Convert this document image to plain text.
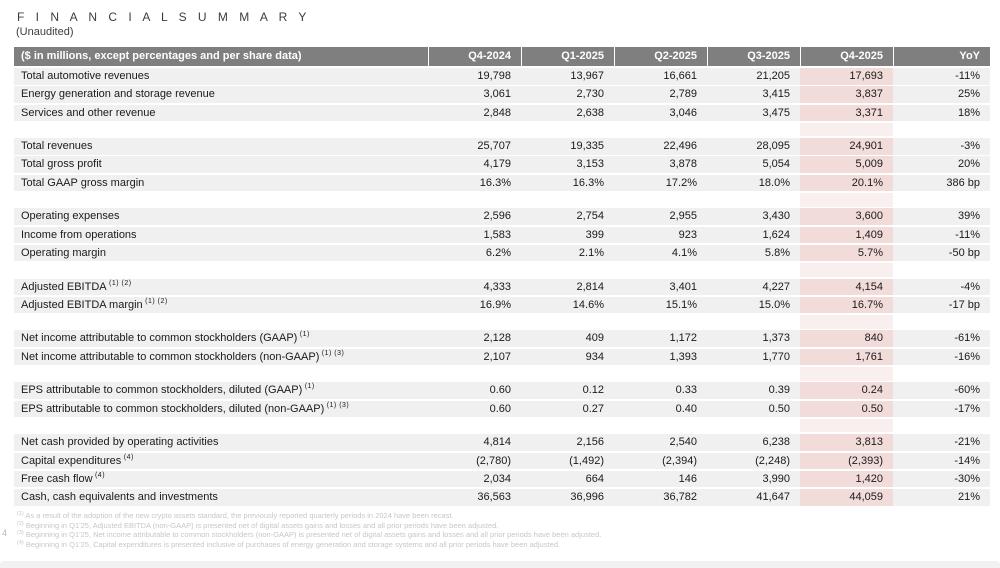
F I N A N C I A L S U M M A R Y
(Unaudited)
($ in millions, except percentages and per share data)	Q4-2024	Q1-2025	Q2-2025	Q3-2025	Q4-2025	YoY
Total automotive revenues	19,798	13,967	16,661	21,205	17,693	-11%
Energy generation and storage revenue	3,061	2,730	2,789	3,415	3,837	25%
Services and other revenue	2,848	2,638	3,046	3,475	3,371	18%
Total revenues	25,707	19,335	22,496	28,095	24,901	-3%
Total gross profit	4,179	3,153	3,878	5,054	5,009	20%
Total GAAP gross margin	16.3%	16.3%	17.2%	18.0%	20.1%	386 bp
Operating expenses	2,596	2,754	2,955	3,430	3,600	39%
Income from operations	1,583	399	923	1,624	1,409	-11%
Operating margin	6.2%	2.1%	4.1%	5.8%	5.7%	-50 bp
Adjusted EBITDA $^{(1) (2)}$	4,333	2,814	3,401	4,227	4,154	-4%
Adjusted EBITDA margin $^{(1) (2)}$	16.9%	14.6%	15.1%	15.0%	16.7%	-17 bp
Net income attributable to common stockholders (GAAP) $^{(1)}$	2,128	409	1,172	1,373	840	-61%
Net income attributable to common stockholders (non-GAAP) $^{(1) (3)}$	2,107	934	1,393	1,770	1,761	-16%
EPS attributable to common stockholders, diluted (GAAP) $^{(1)}$	0.60	0.12	0.33	0.39	0.24	-60%
EPS attributable to common stockholders, diluted (non-GAAP) $^{(1) (3)}$	0.60	0.27	0.40	0.50	0.50	-17%
Net cash provided by operating activities	4,814	2,156	2,540	6,238	3,813	-21%
Capital expenditures $^{(4)}$	(2,780)	(1,492)	(2,394)	(2,248)	(2,393)	-14%
Free cash flow $^{(4)}$	2,034	664	146	3,990	1,420	-30%
Cash, cash equivalents and investments	36,563	36,996	36,782	41,647	44,059	21%
$^{(1)}$ As a result of the adoption of the new crypto assets standard, the previously reported quarterly periods in 2024 have been recast.
$^{(2)}$ Beginning in Q1'25, Adjusted EBITDA (non-GAAP) is presented net of digital assets gains and losses and all prior periods have been adjusted.
$^{(3)}$ Beginning in Q1'25, Net income attributable to common stockholders (non-GAAP) is presented net of digital assets gains and losses and all prior periods have been adjusted.
$^{(4)}$ Beginning in Q1'25, Capital expenditures is presented inclusive of purchases of energy generation and storage systems and all prior periods have been adjusted.
4
